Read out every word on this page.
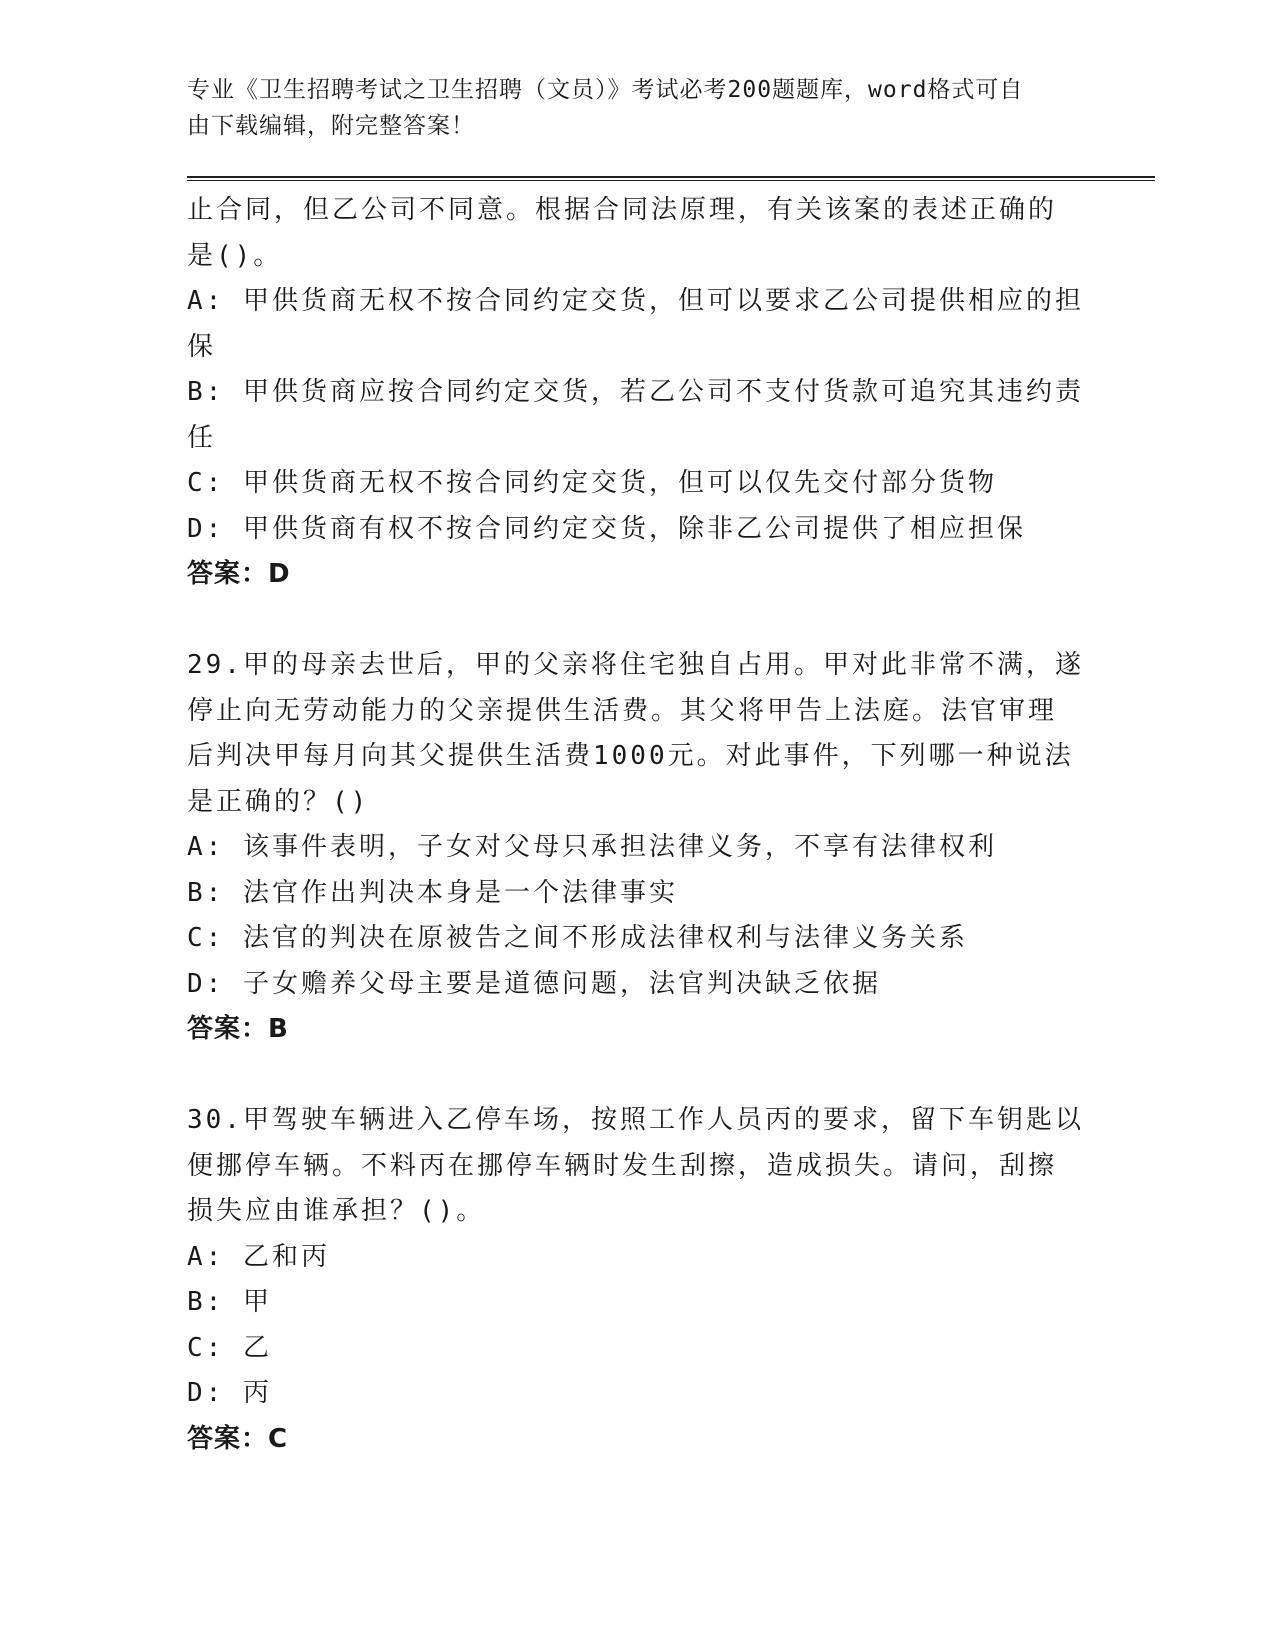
专业《卫生招聘考试之卫生招聘（文员）》考试必考200题题库，word格式可自
由下载编辑，附完整答案！
止合同，但乙公司不同意。根据合同法原理，有关该案的表述正确的
是()。
A: 甲供货商无权不按合同约定交货，但可以要求乙公司提供相应的担
保
B: 甲供货商应按合同约定交货，若乙公司不支付货款可追究其违约责
任
C: 甲供货商无权不按合同约定交货，但可以仅先交付部分货物
D: 甲供货商有权不按合同约定交货，除非乙公司提供了相应担保
答案：D
29.甲的母亲去世后，甲的父亲将住宅独自占用。甲对此非常不满，遂
停止向无劳动能力的父亲提供生活费。其父将甲告上法庭。法官审理
后判决甲每月向其父提供生活费1000元。对此事件，下列哪一种说法
是正确的？()
A: 该事件表明，子女对父母只承担法律义务，不享有法律权利
B: 法官作出判决本身是一个法律事实
C: 法官的判决在原被告之间不形成法律权利与法律义务关系
D: 子女赡养父母主要是道德问题，法官判决缺乏依据
答案：B
30.甲驾驶车辆进入乙停车场，按照工作人员丙的要求，留下车钥匙以
便挪停车辆。不料丙在挪停车辆时发生刮擦，造成损失。请问，刮擦
损失应由谁承担？()。
A: 乙和丙
B: 甲
C: 乙
D: 丙
答案：C
